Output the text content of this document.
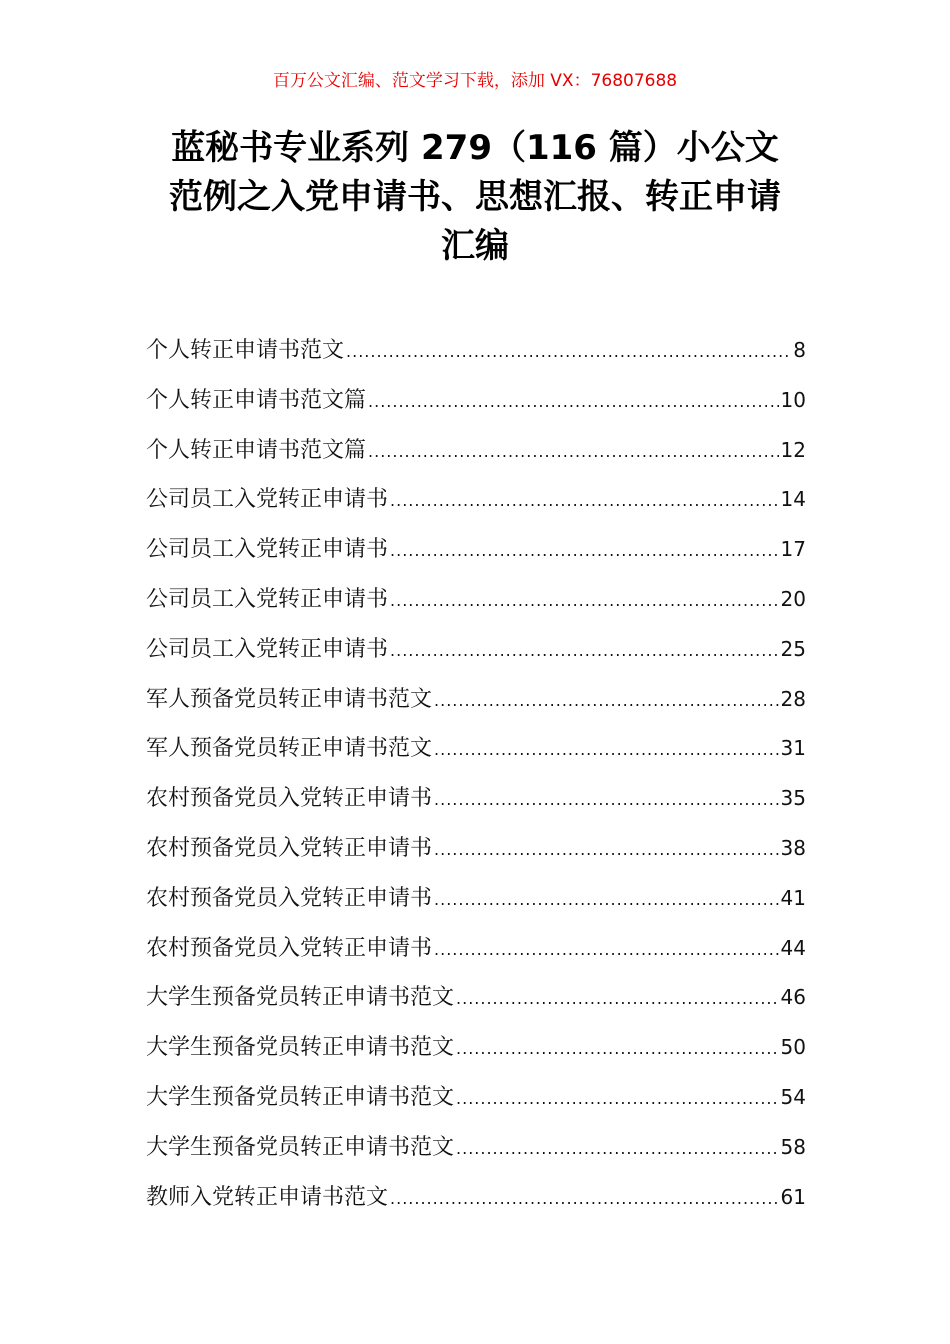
百万公文汇编、范文学习下载，添加 VX：76807688
蓝秘书专业系列 279（116 篇）小公文
范例之入党申请书、思想汇报、转正申请
汇编
个人转正申请书范文 .....	8
个人转正申请书范文篇 .....	10
个人转正申请书范文篇 .....	12
公司员工入党转正申请书 .....	14
公司员工入党转正申请书 .....	17
公司员工入党转正申请书 .....	20
公司员工入党转正申请书 .....	25
军人预备党员转正申请书范文 .....	28
军人预备党员转正申请书范文 .....	31
农村预备党员入党转正申请书 .....	35
农村预备党员入党转正申请书 .....	38
农村预备党员入党转正申请书 .....	41
农村预备党员入党转正申请书 .....	44
大学生预备党员转正申请书范文 .....	46
大学生预备党员转正申请书范文 .....	50
大学生预备党员转正申请书范文 .....	54
大学生预备党员转正申请书范文 .....	58
教师入党转正申请书范文 .....	61
